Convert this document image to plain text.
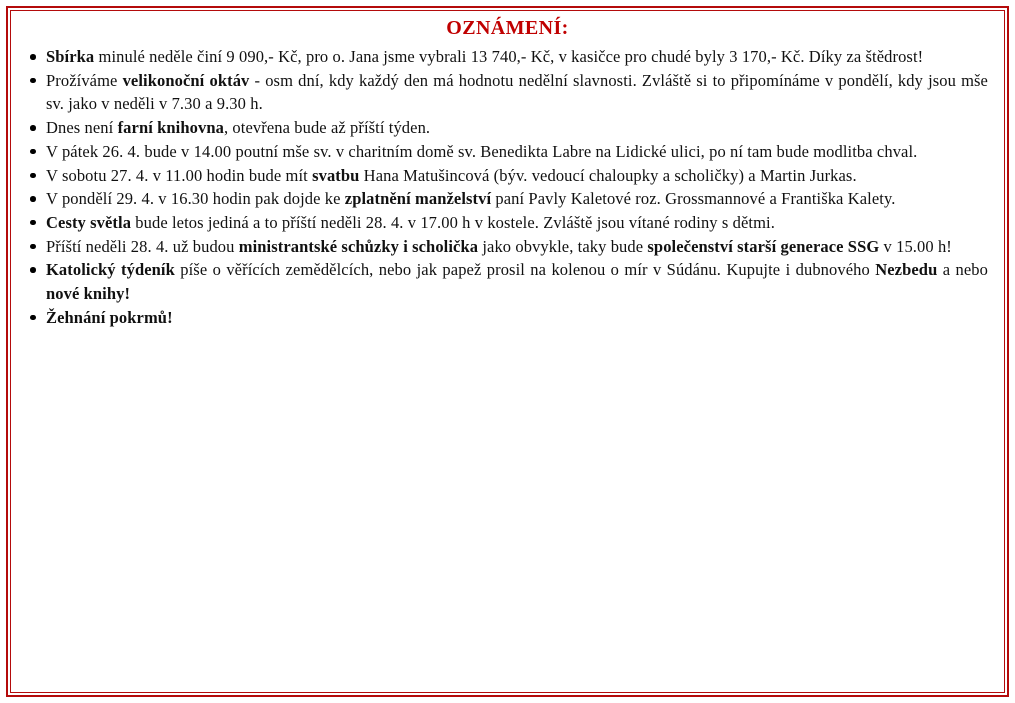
OZNÁMENÍ:
Sbírka minulé neděle činí 9 090,- Kč, pro o. Jana jsme vybrali 13 740,- Kč, v kasičce pro chudé byly 3 170,- Kč. Díky za štědrost!
Prožíváme velikonoční oktáv - osm dní, kdy každý den má hodnotu nedělní slavnosti. Zvláště si to připomínáme v pondělí, kdy jsou mše sv. jako v neděli v 7.30 a 9.30 h.
Dnes není farní knihovna, otevřena bude až příští týden.
V pátek 26. 4. bude v 14.00 poutní mše sv. v charitním domě sv. Benedikta Labre na Lidické ulici, po ní tam bude modlitba chval.
V sobotu 27. 4. v 11.00 hodin bude mít svatbu Hana Matušincová (býv. vedoucí chaloupky a scholičky) a Martin Jurkas.
V pondělí 29. 4. v 16.30 hodin pak dojde ke zplatnění manželství paní Pavly Kaletové roz. Grossmannové a Františka Kalety.
Cesty světla bude letos jediná a to příští neděli 28. 4. v 17.00 h v kostele. Zvláště jsou vítané rodiny s dětmi.
Příští neděli 28. 4. už budou ministrantské schůzky i scholička jako obvykle, taky bude společenství starší generace SSG v 15.00 h!
Katolický týdeník píše o věřících zemědělcích, nebo jak papež prosil na kolenou o mír v Súdánu. Kupujte i dubnového Nezbedu a nebo nové knihy!
Žehnání pokrmů!
